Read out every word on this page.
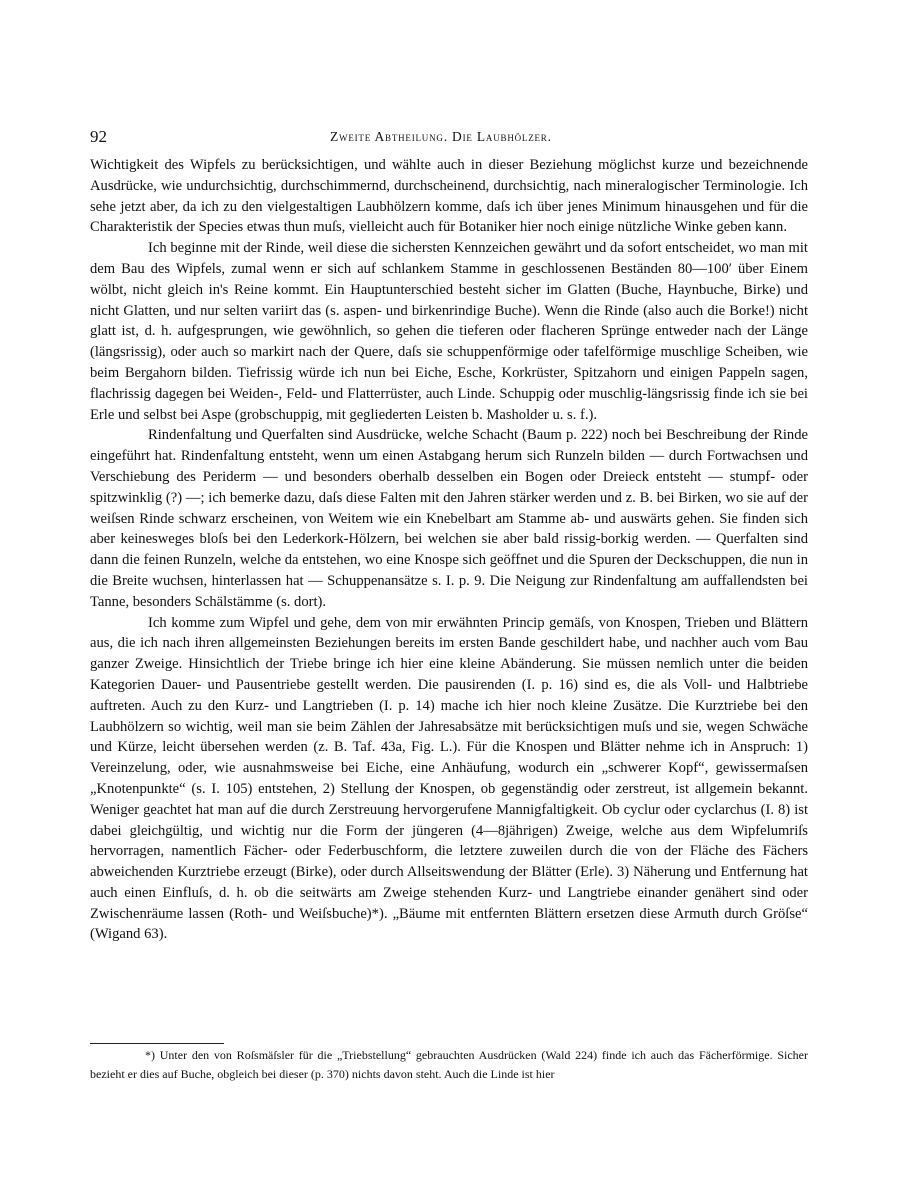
92	Zweite Abtheilung. Die Laubhölzer.

Wichtigkeit des Wipfels zu berücksichtigen, und wählte auch in dieser Beziehung möglichst kurze und bezeichnende Ausdrücke, wie undurchsichtig, durchschimmernd, durchscheinend, durchsichtig, nach mineralogischer Terminologie. Ich sehe jetzt aber, da ich zu den vielgestaltigen Laubhölzern komme, daſs ich über jenes Minimum hinausgehen und für die Charakteristik der Species etwas thun muſs, vielleicht auch für Botaniker hier noch einige nützliche Winke geben kann.

Ich beginne mit der Rinde, weil diese die sichersten Kennzeichen gewährt und da sofort entscheidet, wo man mit dem Bau des Wipfels, zumal wenn er sich auf schlankem Stamme in geschlossenen Beständen 80—100′ über Einem wölbt, nicht gleich in's Reine kommt. Ein Hauptunterschied besteht sicher im Glatten (Buche, Haynbuche, Birke) und nicht Glatten, und nur selten variirt das (s. aspen- und birkenrindige Buche). Wenn die Rinde (also auch die Borke!) nicht glatt ist, d. h. aufgesprungen, wie gewöhnlich, so gehen die tieferen oder flacheren Sprünge entweder nach der Länge (längsrissig), oder auch so markirt nach der Quere, daſs sie schuppenförmige oder tafelförmige muschlige Scheiben, wie beim Bergahorn bilden. Tiefrissig würde ich nun bei Eiche, Esche, Korkrüster, Spitzahorn und einigen Pappeln sagen, flachrissig dagegen bei Weiden-, Feld- und Flatterrüster, auch Linde. Schuppig oder muschlig-längsrissig finde ich sie bei Erle und selbst bei Aspe (grobschuppig, mit gegliederten Leisten b. Masholder u. s. f.).

Rindenfaltung und Querfalten sind Ausdrücke, welche Schacht (Baum p. 222) noch bei Beschreibung der Rinde eingeführt hat. Rindenfaltung entsteht, wenn um einen Astabgang herum sich Runzeln bilden — durch Fortwachsen und Verschiebung des Periderm — und besonders oberhalb desselben ein Bogen oder Dreieck entsteht — stumpf- oder spitzwinklig (?) —; ich bemerke dazu, daſs diese Falten mit den Jahren stärker werden und z. B. bei Birken, wo sie auf der weiſsen Rinde schwarz erscheinen, von Weitem wie ein Knebelbart am Stamme ab- und auswärts gehen. Sie finden sich aber keinesweges bloſs bei den Lederkork-Hölzern, bei welchen sie aber bald rissig-borkig werden. — Querfalten sind dann die feinen Runzeln, welche da entstehen, wo eine Knospe sich geöffnet und die Spuren der Deckschuppen, die nun in die Breite wuchsen, hinterlassen hat — Schuppenansätze s. I. p. 9. Die Neigung zur Rindenfaltung am auffallendsten bei Tanne, besonders Schälstämme (s. dort).

Ich komme zum Wipfel und gehe, dem von mir erwähnten Princip gemäſs, von Knospen, Trieben und Blättern aus, die ich nach ihren allgemeinsten Beziehungen bereits im ersten Bande geschildert habe, und nachher auch vom Bau ganzer Zweige. Hinsichtlich der Triebe bringe ich hier eine kleine Abänderung. Sie müssen nemlich unter die beiden Kategorien Dauer- und Pausentriebe gestellt werden. Die pausirenden (I. p. 16) sind es, die als Voll- und Halbtriebe auftreten. Auch zu den Kurz- und Langtrieben (I. p. 14) mache ich hier noch kleine Zusätze. Die Kurztriebe bei den Laubhölzern so wichtig, weil man sie beim Zählen der Jahresabsätze mit berücksichtigen muſs und sie, wegen Schwäche und Kürze, leicht übersehen werden (z. B. Taf. 43a, Fig. L.). Für die Knospen und Blätter nehme ich in Anspruch: 1) Vereinzelung, oder, wie ausnahmsweise bei Eiche, eine Anhäufung, wodurch ein „schwerer Kopf“, gewissermaſsen „Knotenpunkte“ (s. I. 105) entstehen, 2) Stellung der Knospen, ob gegenständig oder zerstreut, ist allgemein bekannt. Weniger geachtet hat man auf die durch Zerstreuung hervorgerufene Mannigfaltigkeit. Ob cyclur oder cyclarchus (I. 8) ist dabei gleichgültig, und wichtig nur die Form der jüngeren (4—8jährigen) Zweige, welche aus dem Wipfelumriſs hervorragen, namentlich Fächer- oder Federbuschform, die letztere zuweilen durch die von der Fläche des Fächers abweichenden Kurztriebe erzeugt (Birke), oder durch Allseitswendung der Blätter (Erle). 3) Näherung und Entfernung hat auch einen Einfluſs, d. h. ob die seitwärts am Zweige stehenden Kurz- und Langtriebe einander genähert sind oder Zwischenräume lassen (Roth- und Weiſsbuche)*). „Bäume mit entfernten Blättern ersetzen diese Armuth durch Gröſse“ (Wigand 63).

*) Unter den von Roſsmäſsler für die „Triebstellung“ gebrauchten Ausdrücken (Wald 224) finde ich auch das Fächerförmige. Sicher bezieht er dies auf Buche, obgleich bei dieser (p. 370) nichts davon steht. Auch die Linde ist hier
